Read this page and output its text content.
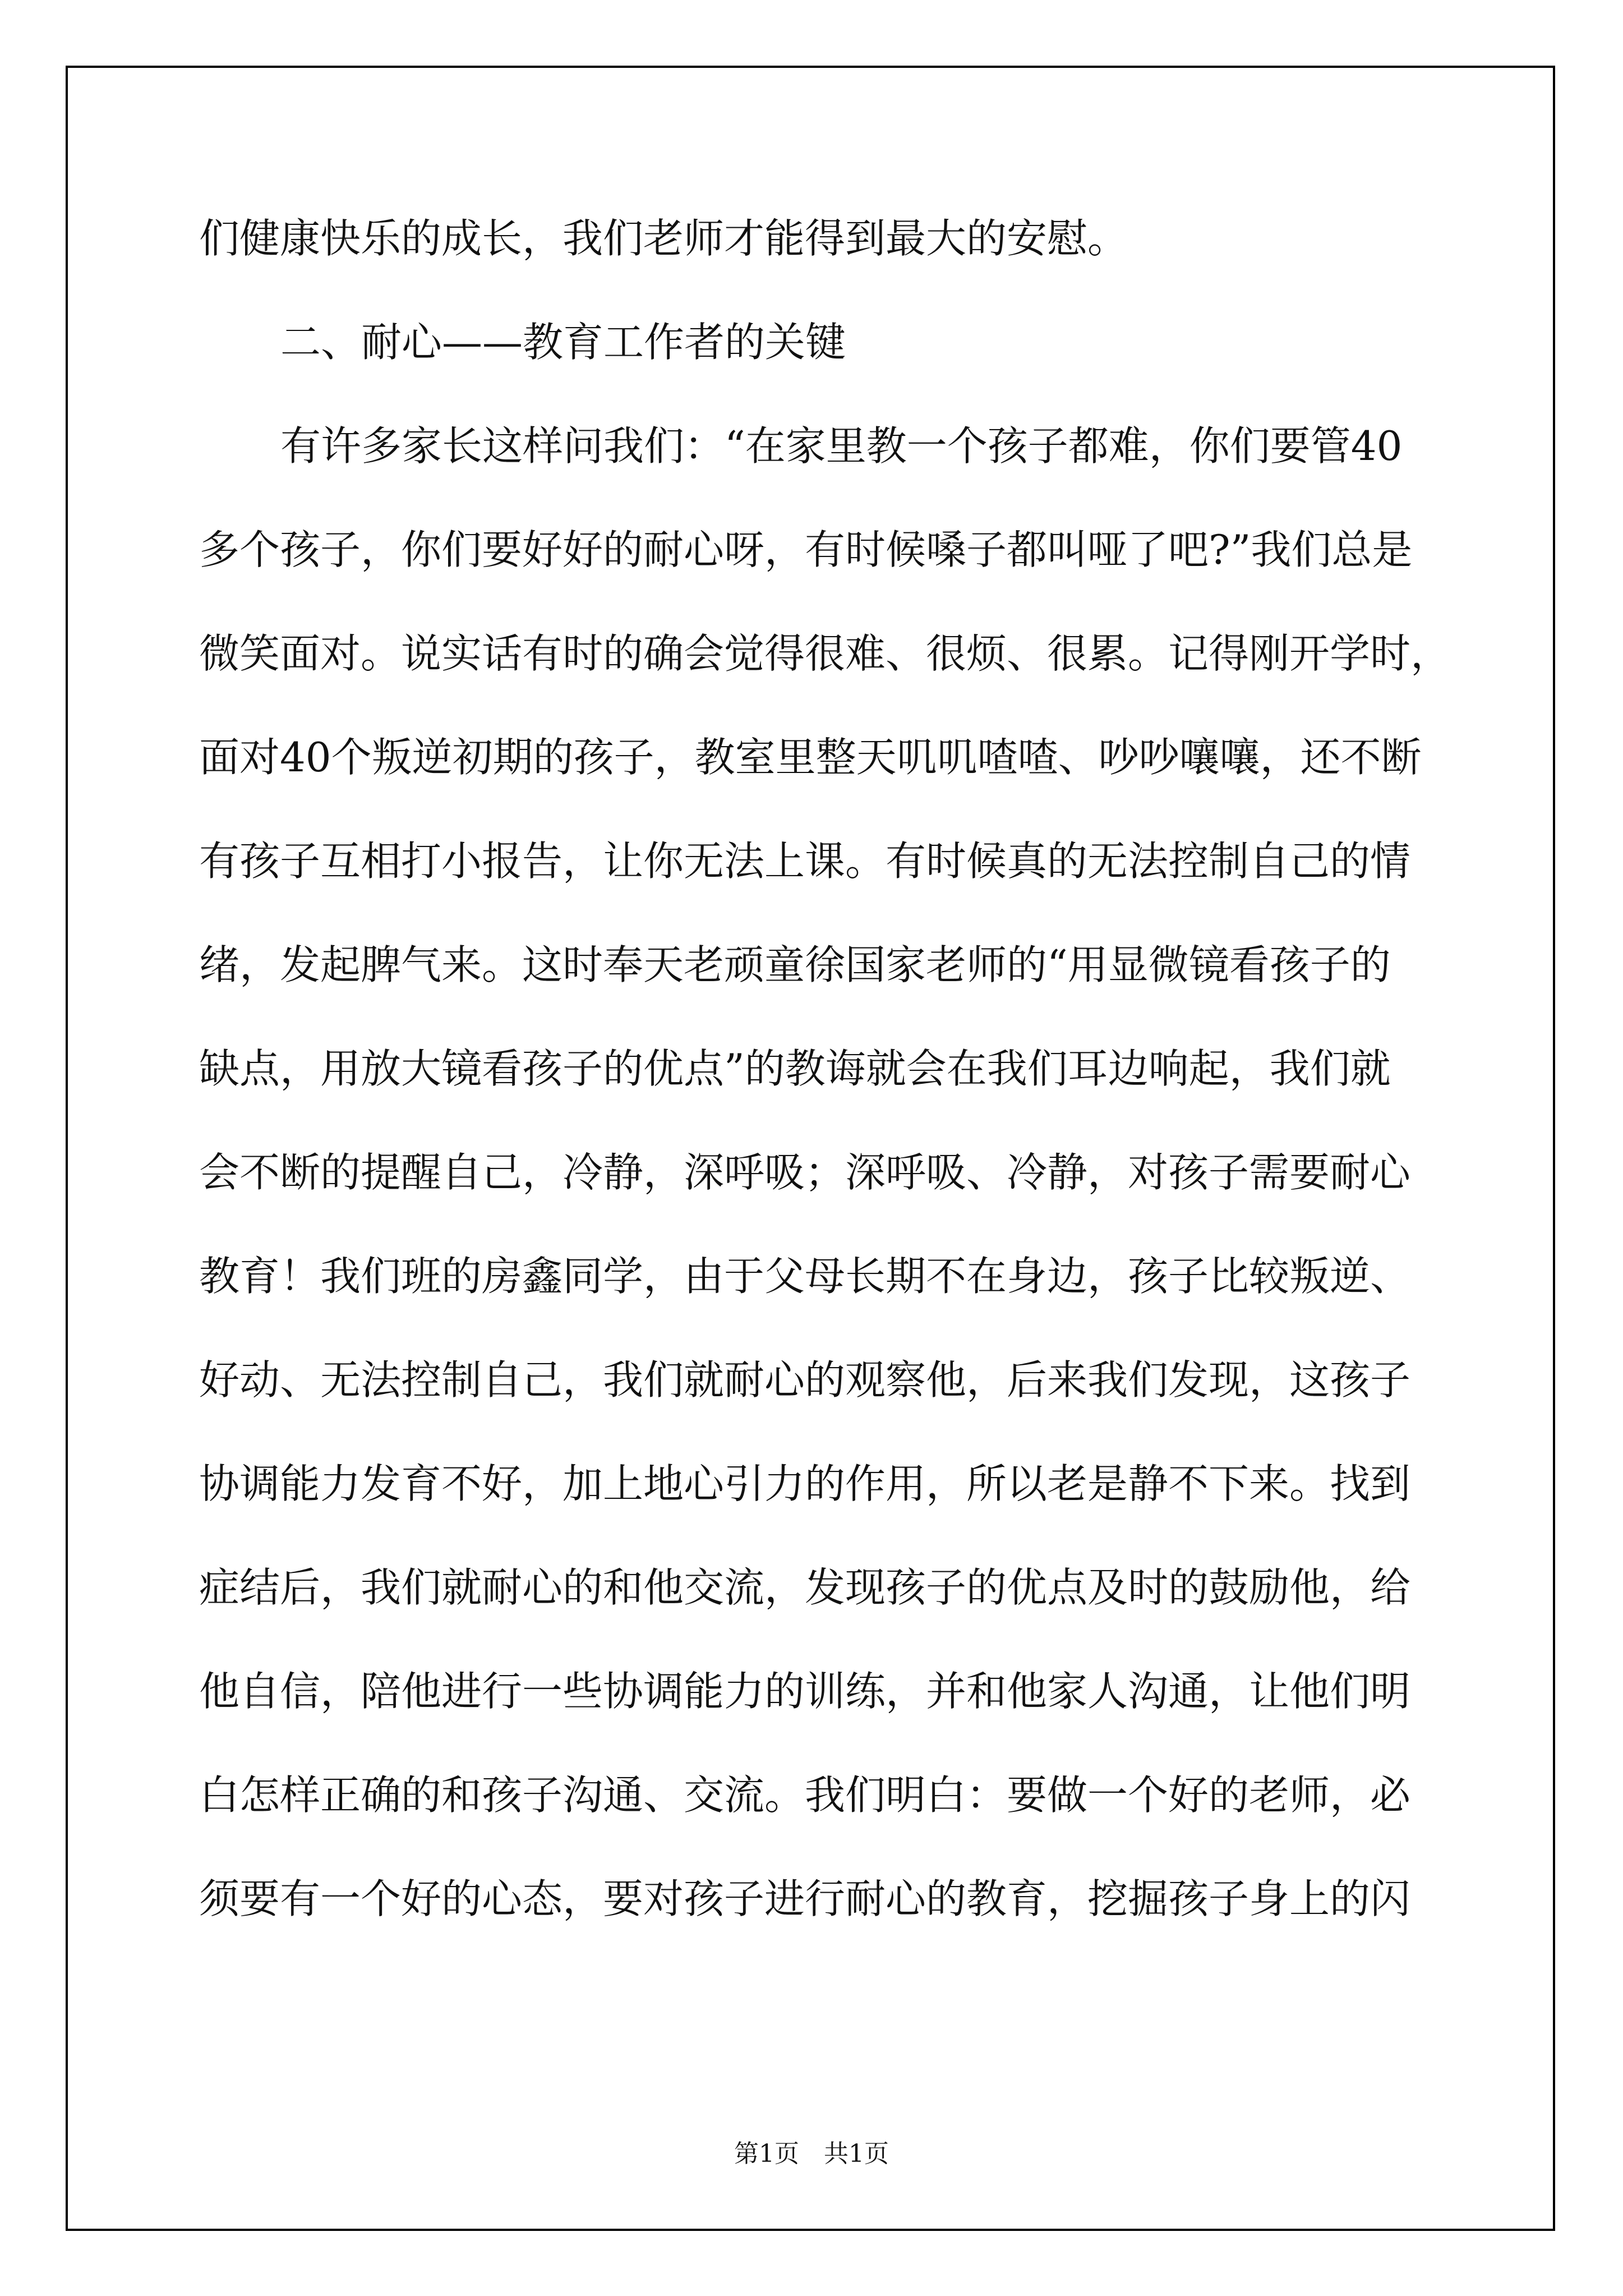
们健康快乐的成长，我们老师才能得到最大的安慰。

二、耐心——教育工作者的关键

有许多家长这样问我们：“在家里教一个孩子都难，你们要管40

多个孩子，你们要好好的耐心呀，有时候嗓子都叫哑了吧?”我们总是

微笑面对。说实话有时的确会觉得很难、很烦、很累。记得刚开学时，

面对40个叛逆初期的孩子，教室里整天叽叽喳喳、吵吵嚷嚷，还不断

有孩子互相打小报告，让你无法上课。有时候真的无法控制自己的情

绪，发起脾气来。这时奉天老顽童徐国家老师的“用显微镜看孩子的

缺点，用放大镜看孩子的优点”的教诲就会在我们耳边响起，我们就

会不断的提醒自己，冷静，深呼吸；深呼吸、冷静，对孩子需要耐心

教育！我们班的房鑫同学，由于父母长期不在身边，孩子比较叛逆、

好动、无法控制自己，我们就耐心的观察他，后来我们发现，这孩子

协调能力发育不好，加上地心引力的作用，所以老是静不下来。找到

症结后，我们就耐心的和他交流，发现孩子的优点及时的鼓励他，给

他自信，陪他进行一些协调能力的训练，并和他家人沟通，让他们明

白怎样正确的和孩子沟通、交流。我们明白：要做一个好的老师，必

须要有一个好的心态，要对孩子进行耐心的教育，挖掘孩子身上的闪

第1页　共1页
